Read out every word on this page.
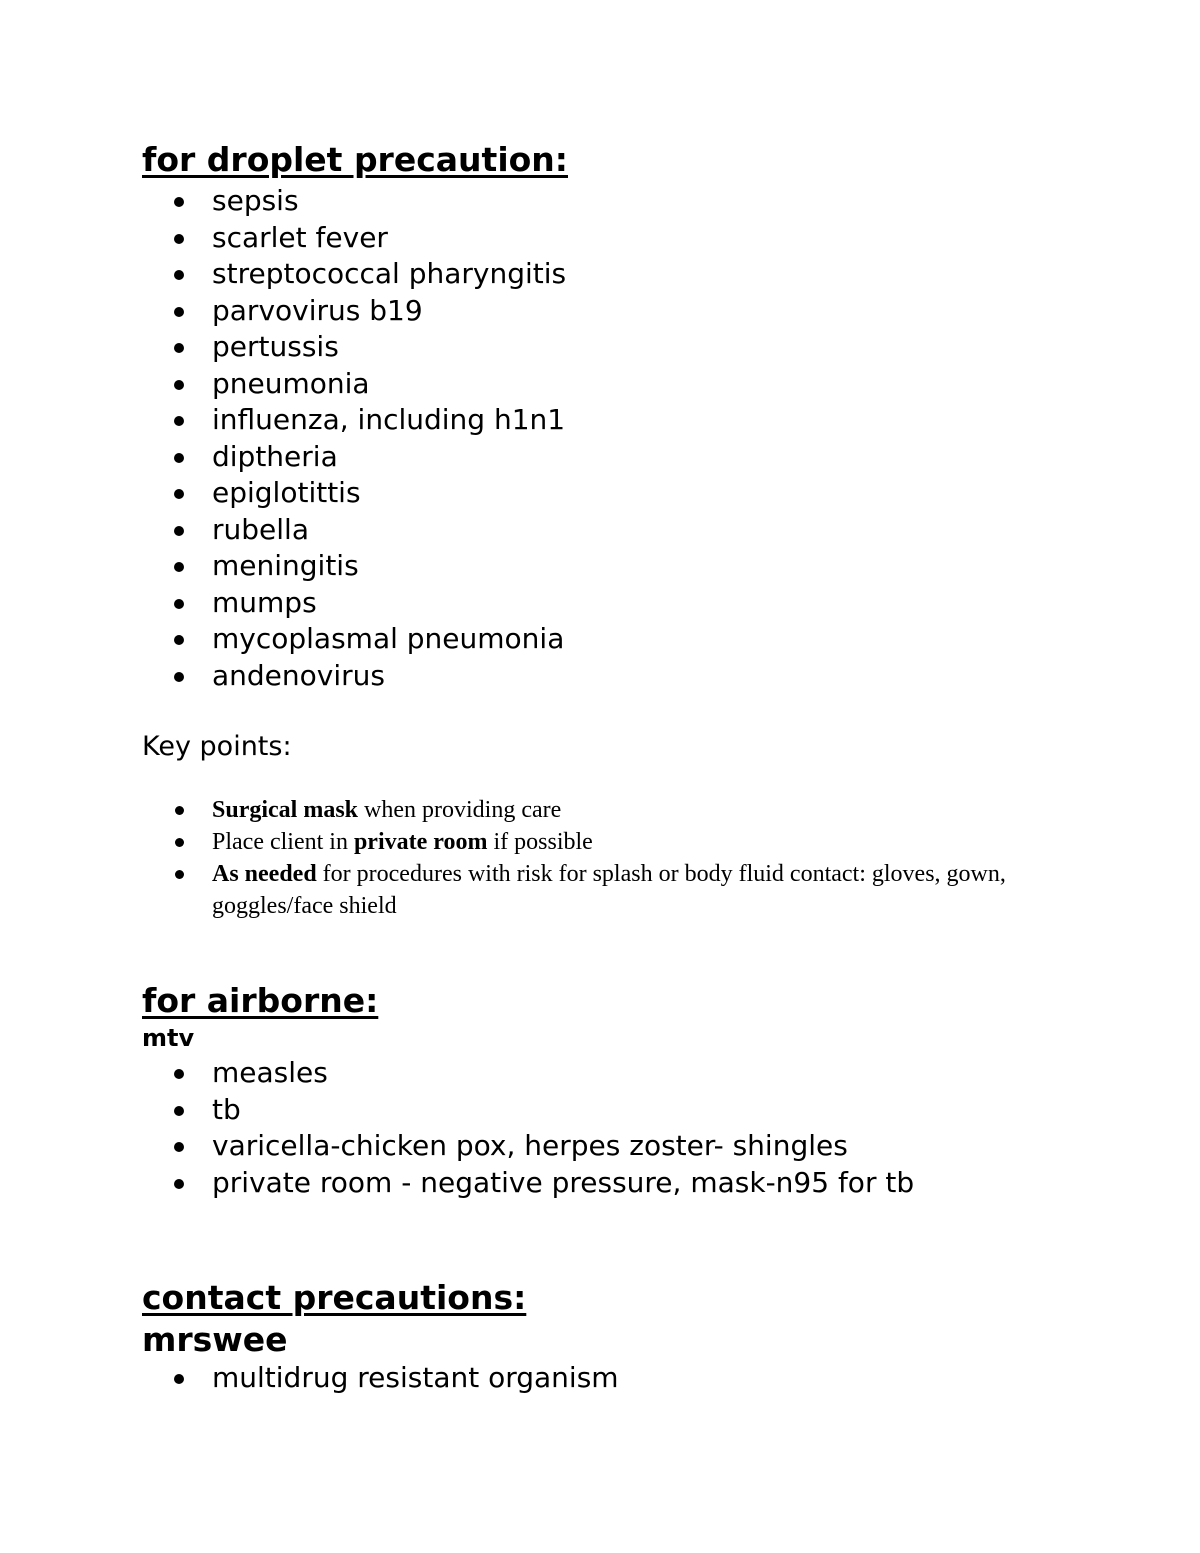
for droplet precaution:
sepsis
scarlet fever
streptococcal pharyngitis
parvovirus b19
pertussis
pneumonia
influenza, including h1n1
diptheria
epiglotittis
rubella
meningitis
mumps
mycoplasmal pneumonia
andenovirus

Key points:

Surgical mask when providing care
Place client in private room if possible
As needed for procedures with risk for splash or body fluid contact: gloves, gown, goggles/face shield
for airborne:

mtv

measles
tb
varicella-chicken pox, herpes zoster- shingles
private room - negative pressure, mask-n95 for tb
contact precautions:

mrswee

multidrug resistant organism
